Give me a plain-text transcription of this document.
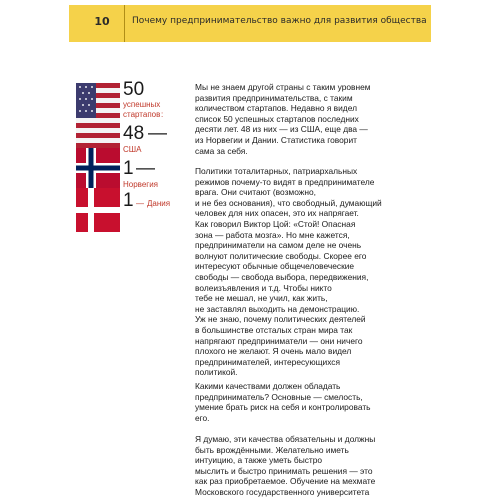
10	Почему предпринимательство важно для развития общества
50
успешных
стартапов :
48 —
США
1 —
Норвегия
1 — Дания
Мы не знаем другой страны с таким уровнем
развития предпринимательства, с таким
количеством стартапов. Недавно я видел
список 50 успешных стартапов последних
десяти лет. 48 из них — из США, еще два —
из Норвегии и Дании. Статистика говорит
сама за себя.
Политики тоталитарных, патриархальных
режимов почему-то видят в предпринимателе
врага. Они считают (возможно,
и не без основания), что свободный, думающий
человек для них опасен, это их напрягает.
Как говорил Виктор Цой: «Стой! Опасная
зона — работа мозга». Но мне кажется,
предприниматели на самом деле не очень
волнуют политические свободы. Скорее его
интересуют обычные общечеловеческие
свободы — свобода выбора, передвижения,
волеизъявления и т.д. Чтобы никто
тебе не мешал, не учил, как жить,
не заставлял выходить на демонстрацию.
Уж не знаю, почему политических деятелей
в большинстве отсталых стран мира так
напрягают предприниматели — они ничего
плохого не желают. Я очень мало видел
предпринимателей, интересующихся
политикой.
Какими качествами должен обладать
предприниматель? Основные — смелость,
умение брать риск на себя и контролировать
его.
Я думаю, эти качества обязательны и должны
быть врождёнными. Желательно иметь
интуицию, а также уметь быстро
мыслить и быстро принимать решения — это
как раз приобретаемое. Обучение на мехмате
Московского государственного университета
